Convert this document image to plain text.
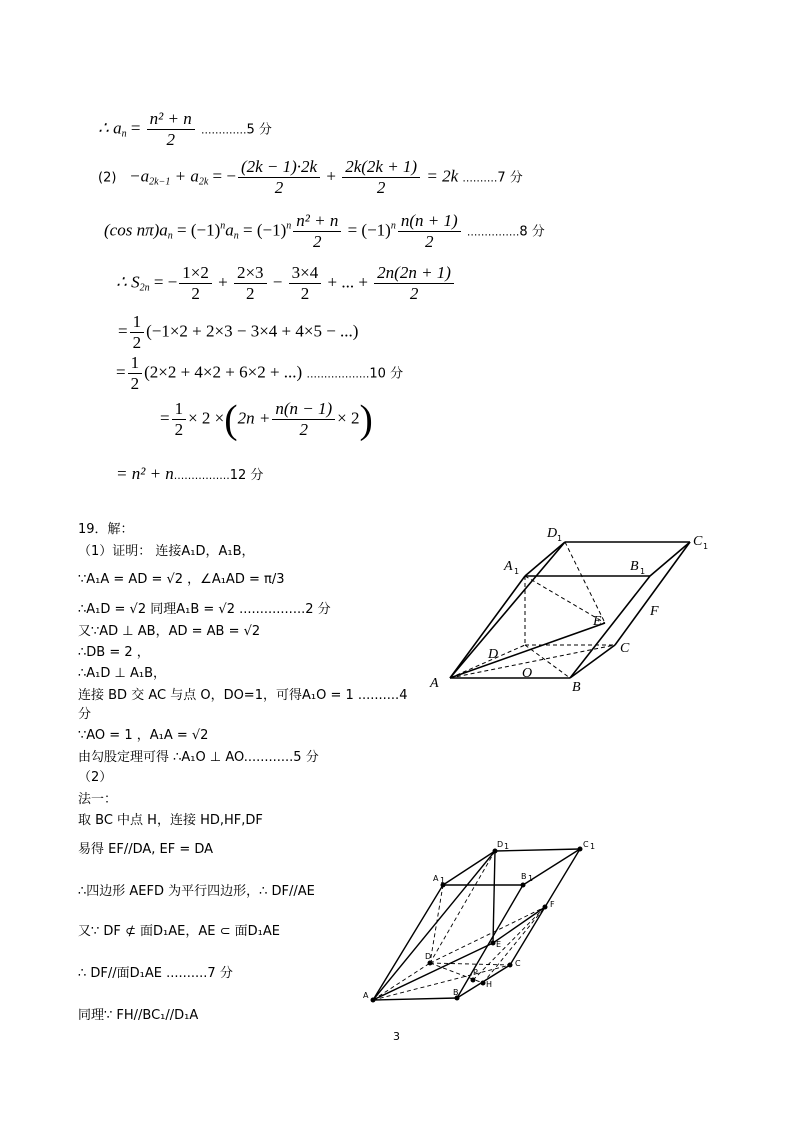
∴ $a_n = \frac{\text{n² + n}}{2} .............5$ 分
$(2) -a_{2k-1} + a_{2k}$ = − $\frac{(2k - 1)\cdot 2k}{2} + \frac{2k(2k + 1)}{2} = 2k$ ..........7 分
(cos $n\pi)a_n = (-1)^na_n = (-1)^n \frac{\text{n² + n}}{2} = (-1)^n \frac{n(n + 1)}{2} ...............8$ 分
∴ $S_{2n}$ = − $\frac{1\times 2}{2} + \frac{2\times 3}{2} - \frac{3\times 4}{2}$ + ... + $\frac{2n(2n + 1)}{2}$
= $\frac{1}{2} (-1\times 2 + 2\times 3 - 3\times 4 + 4\times 5$ − ...)
= $\frac{1}{2} (2\times 2 + 4\times 2 + 6\times 2$ + ...) ..................10 分
= $\frac{1}{2} \times 2 \times(2n + \frac{n(n - 1)}{2} \times 2)$
= n² + n................12 分
19．解：
（1）证明： 连接A₁D，A₁B，
∵A₁A = AD = √2 ，∠A₁AD = π/3
∴A₁D = √2 同理A₁B = √2 ................2 分
又∵AD ⊥ AB，AD = AB = √2
∴DB = 2 ，
∴A₁D ⊥ A₁B，
连接 BD 交 AC 与点 O，DO=1，可得A₁O = 1 ..........4
分
∵AO = 1 ，A₁A = √2
由勾股定理可得 ∴A₁O ⊥ AO............5 分
（2）
法一：
取 BC 中点 H，连接 HD,HF,DF
易得 EF//DA, EF = DA
∴四边形 AEFD 为平行四边形，∴ DF//AE
又∵ DF ⊄ 面D₁AE，AE ⊂ 面D₁AE
∴ DF//面D₁AE ..........7 分
同理∵ FH//BC₁//D₁A
D 1	C 1
A 1	B 1
F
E
D	C
A
O
B
D 1	C 1
A 1	B 1
F
E
D
P
H
C
A	B
3
